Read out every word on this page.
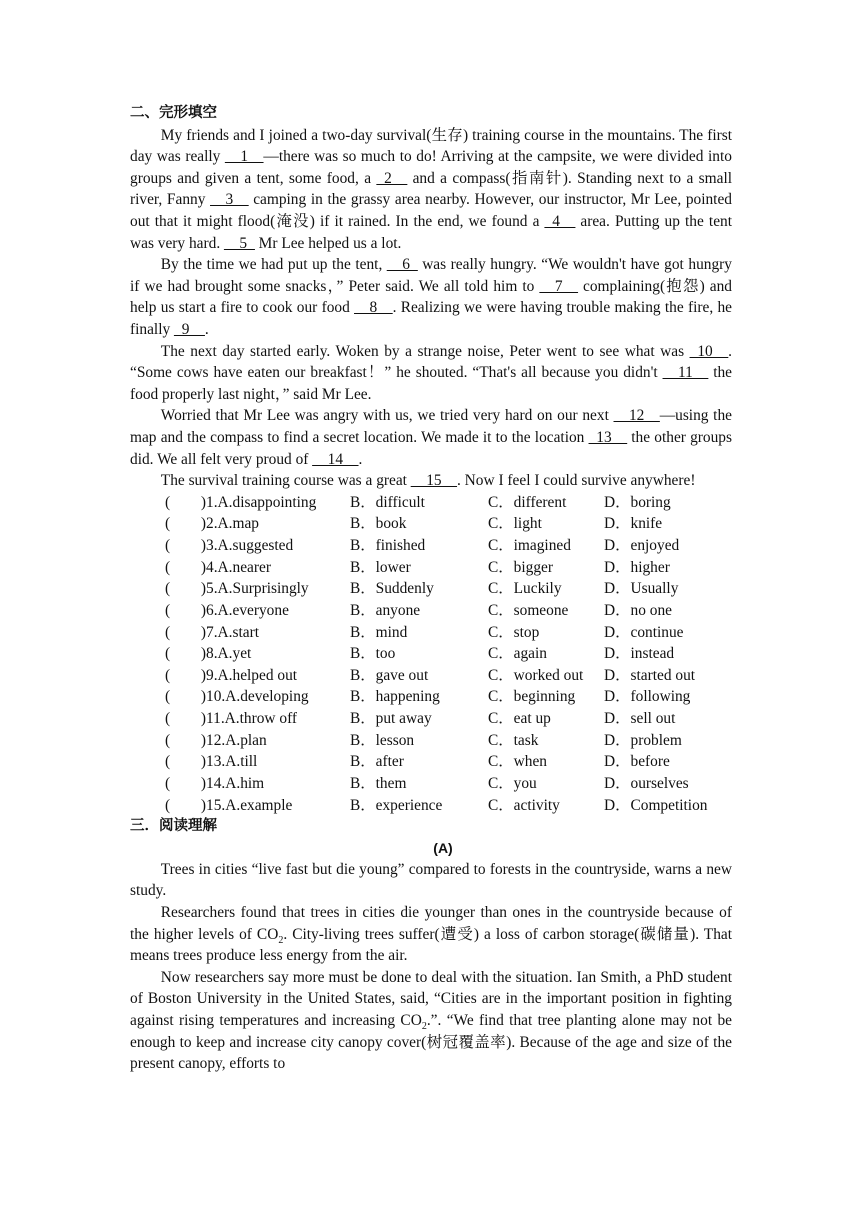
二、完形填空

My friends and I joined a two-day survival(生存) training course in the mountains. The first day was really __1__—there was so much to do! Arriving at the campsite, we were divided into groups and given a tent, some food, a _2__ and a compass(指南针). Standing next to a small river, Fanny __3__ camping in the grassy area nearby. However, our instructor, Mr Lee, pointed out that it might flood(淹没) if it rained. In the end, we found a _4__ area. Putting up the tent was very hard. __5_ Mr Lee helped us a lot.

By the time we had put up the tent, __6_ was really hungry. “We wouldn't have got hungry if we had brought some snacks，” Peter said. We all told him to __7__ complaining(抱怨) and help us start a fire to cook our food __8__. Realizing we were having trouble making the fire, he finally _9__.

The next day started early. Woken by a strange noise, Peter went to see what was _10__. “Some cows have eaten our breakfast！” he shouted. “That's all because you didn't __11__ the food properly last night，” said Mr Lee.

Worried that Mr Lee was angry with us, we tried very hard on our next __12__—using the map and the compass to find a secret location. We made it to the location _13__ the other groups did. We all felt very proud of __14__.

The survival training course was a great __15__. Now I feel I could survive anywhere!

(        ) 1.A.disappointing B．difficult	C．different D．boring
(        ) 2.A.map	B．book	C．light	D．knife
(        ) 3.A.suggested	B．finished	C．imagined D．enjoyed
(        ) 4.A.nearer	B．lower	C．bigger	D．higher
(        ) 5.A.Surprisingly	B．Suddenly	C．Luckily	D．Usually
(        ) 6.A.everyone	B．anyone	C．someone D．no one
(        ) 7.A.start	B．mind	C．stop	D．continue
(        ) 8.A.yet	B．too	C．again	D．instead
(        ) 9.A.helped out	B．gave out	C．worked out D．started out
(        ) 10.A.developing	B．happening	C．beginning D．following
(        ) 11.A.throw off	B．put away	C．eat up	D．sell out
(        ) 12.A.plan	B．lesson	C．task	D．problem
(        ) 13.A.till	B．after	C．when	D．before
(        ) 14.A.him	B．them	C．you	D．ourselves
(        ) 15.A.example	B．experience	C．activity	D．Competition
三．阅读理解
(A)

Trees in cities “live fast but die young” compared to forests in the countryside, warns a new study.

Researchers found that trees in cities die younger than ones in the countryside because of the higher levels of $CO_2$. City-living trees suffer(遭受) a loss of carbon storage(碳储量). That means trees produce less energy from the air.

Now researchers say more must be done to deal with the situation. Ian Smith, a PhD student of Boston University in the United States, said, “Cities are in the important position in fighting against rising temperatures and increasing $CO_2$.”. “We find that tree planting alone may not be enough to keep and increase city canopy cover(树冠覆盖率). Because of the age and size of the present canopy, efforts to
